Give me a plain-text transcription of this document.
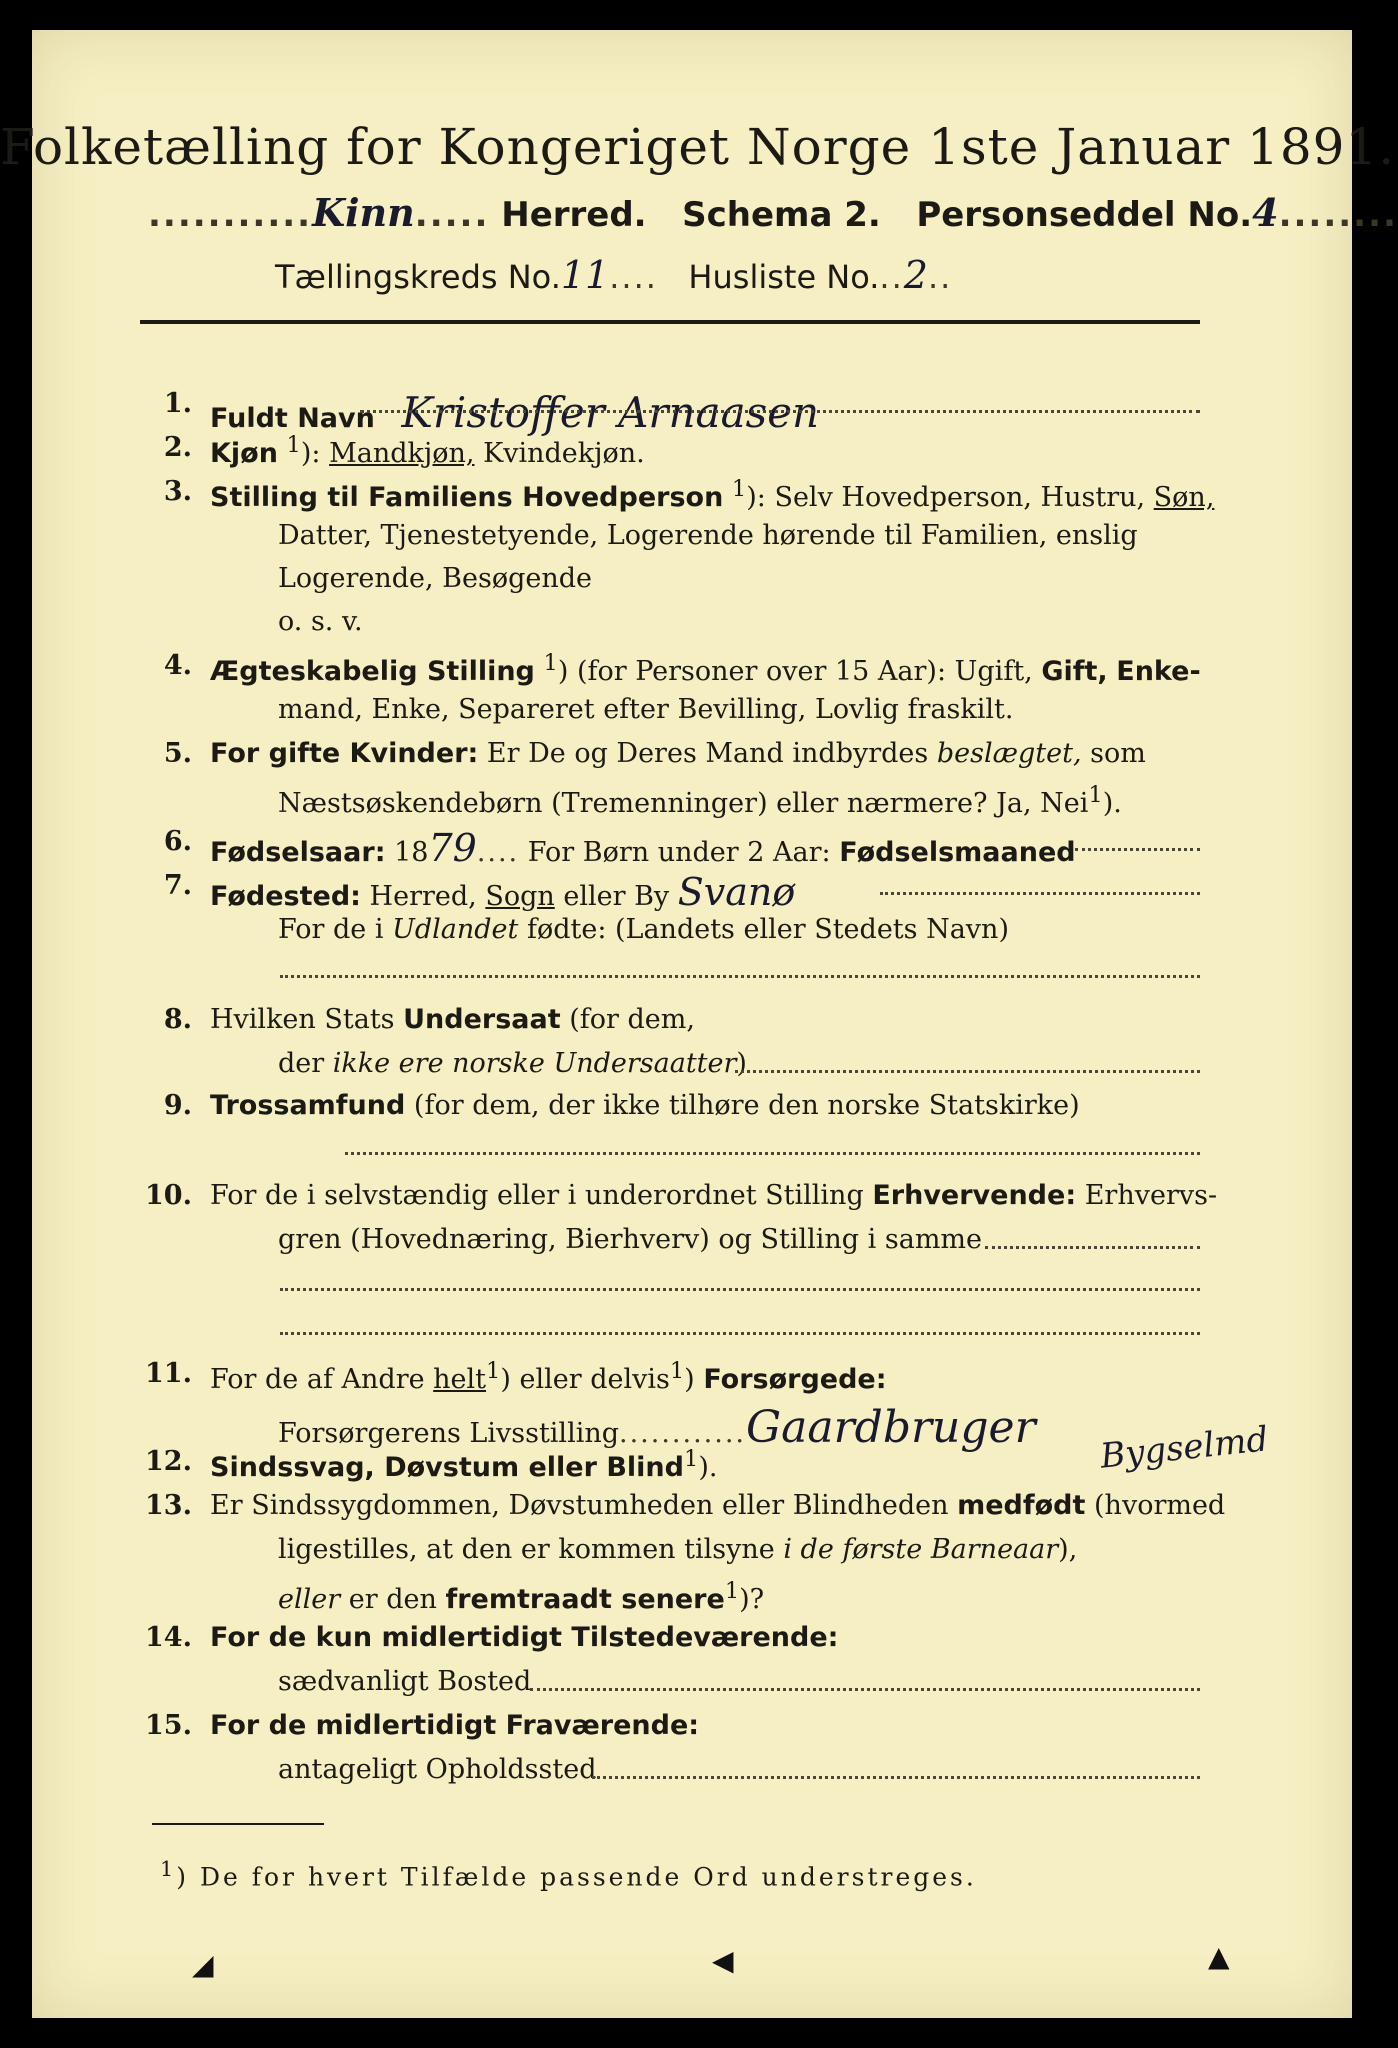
Folketælling for Kongeriget Norge 1ste Januar 1891.
...........Kinn..... Herred. Schema 2. Personseddel No.4........
Tællingskreds No.11.... Husliste No...2..
1. Fuldt Navn Kristoffer Arnaasen
2. Kjøn $^1$): Mandkjøn, Kvindekjøn.
3. Stilling til Familiens Hovedperson $^1$): Selv Hovedperson, Hustru, Søn,
Datter, Tjenestetyende, Logerende hørende til Familien, enslig
Logerende, Besøgende
o. s. v.
4. Ægteskabelig Stilling $^1$) (for Personer over 15 Aar): Ugift, Gift, Enke-
mand, Enke, Separeret efter Bevilling, Lovlig fraskilt.
5. For gifte Kvinder: Er De og Deres Mand indbyrdes beslægtet, som
Næstsøskendebørn (Tremenninger) eller nærmere? Ja, Nei$^1$).
6. Fødselsaar: 1879.... For Børn under 2 Aar: Fødselsmaaned
7. Fødested: Herred, Sogn eller By Svanø
For de i Udlandet fødte: (Landets eller Stedets Navn)
8. Hvilken Stats Undersaat (for dem,
der ikke ere norske Undersaatter)
9. Trossamfund (for dem, der ikke tilhøre den norske Statskirke)
10. For de i selvstændig eller i underordnet Stilling Erhvervende: Erhvervs-
gren (Hovednæring, Bierhverv) og Stilling i samme
11. For de af Andre helt$^1$) eller delvis$^1$) Forsørgede:
Forsørgerens Livsstilling............Gaardbruger Bygselmd
12. Sindssvag, Døvstum eller Blind$^1$).
13. Er Sindssygdommen, Døvstumheden eller Blindheden medfødt (hvormed
ligestilles, at den er kommen tilsyne i de første Barneaar),
eller er den fremtraadt senere$^1$)?
14. For de kun midlertidigt Tilstedeværende:
sædvanligt Bosted
15. For de midlertidigt Fraværende:
antageligt Opholdssted
$^1$) De for hvert Tilfælde passende Ord understreges.
◢	◀	▲
